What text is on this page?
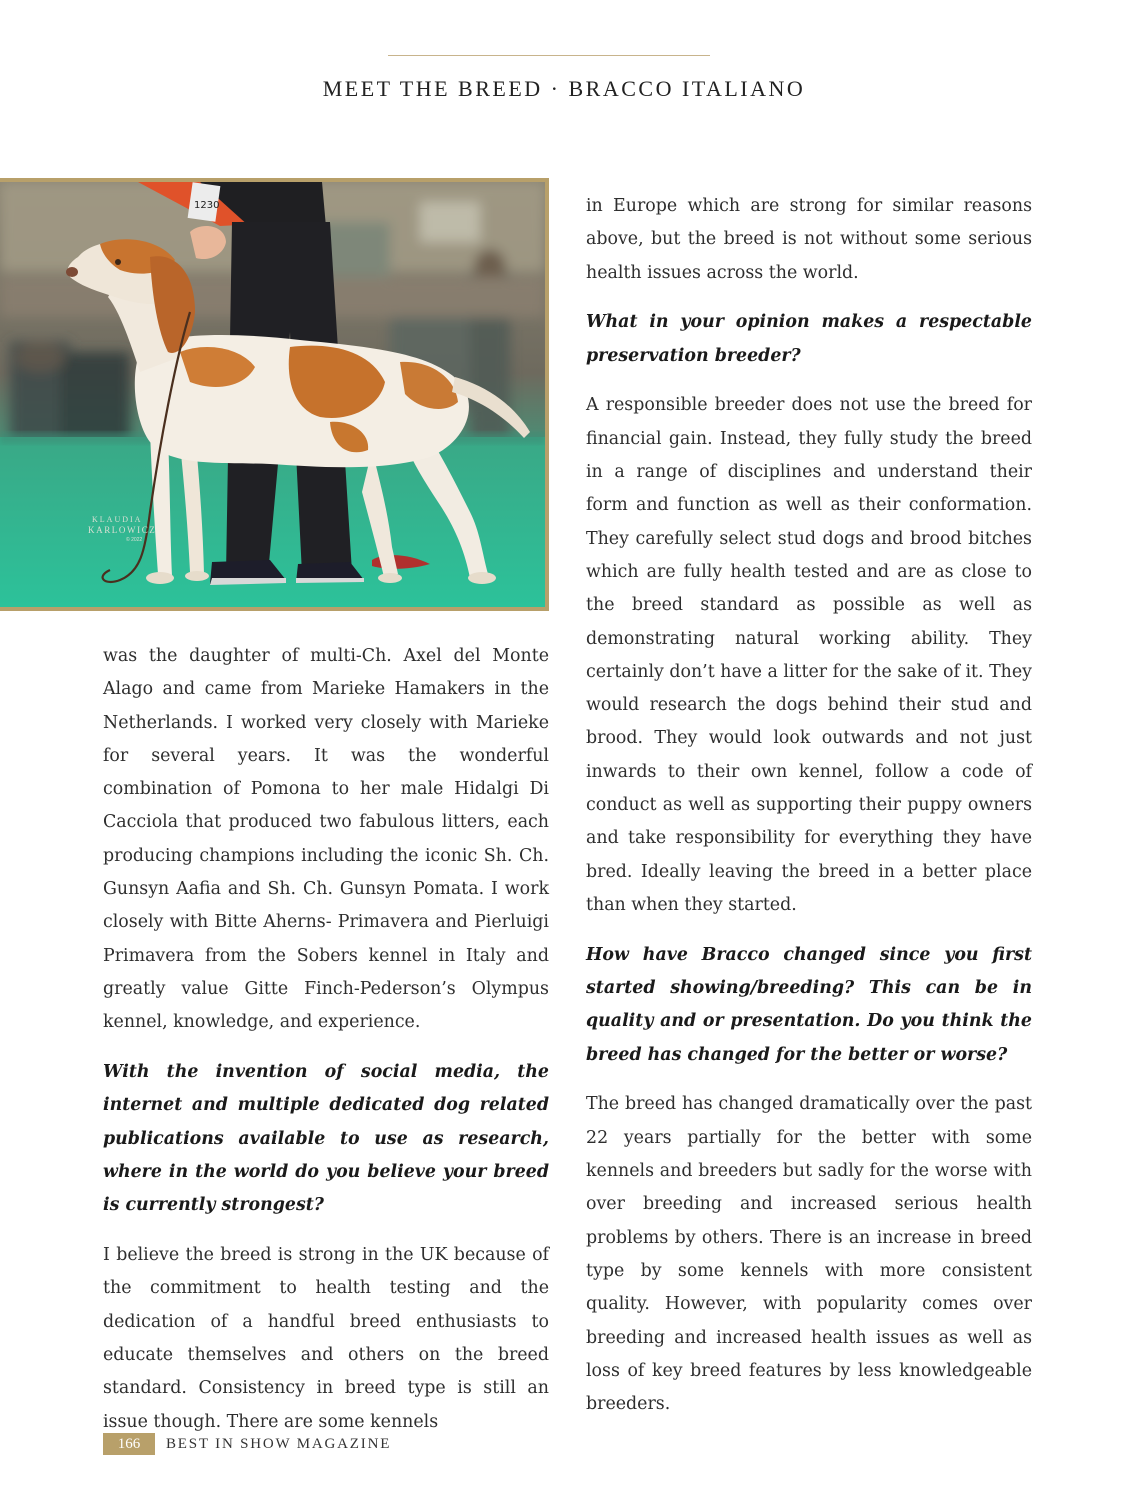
MEET THE BREED · BRACCO ITALIANO
1230
KLAUDIA
KARLOWICZ
© 2022

was the daughter of multi-Ch. Axel del Monte Alago and came from Marieke Hamakers in the Netherlands. I worked very closely with Marieke for several years. It was the wonderful combination of Pomona to her male Hidalgi Di Cacciola that produced two fabulous litters, each producing champions including the iconic Sh. Ch. Gunsyn Aafia and Sh. Ch. Gunsyn Pomata. I work closely with Bitte Aherns- Primavera and Pierluigi Primavera from the Sobers kennel in Italy and greatly value Gitte Finch-Pederson’s Olympus kennel, knowledge, and experience.

With the invention of social media, the internet and multiple dedicated dog related publications available to use as research, where in the world do you believe your breed is currently strongest?

I believe the breed is strong in the UK because of the commitment to health testing and the dedication of a handful breed enthusiasts to educate themselves and others on the breed standard. Consistency in breed type is still an issue though. There are some kennels

in Europe which are strong for similar reasons above, but the breed is not without some serious health issues across the world.

What in your opinion makes a respectable preservation breeder?

A responsible breeder does not use the breed for financial gain. Instead, they fully study the breed in a range of disciplines and understand their form and function as well as their conformation. They carefully select stud dogs and brood bitches which are fully health tested and are as close to the breed standard as possible as well as demonstrating natural working ability. They certainly don’t have a litter for the sake of it. They would research the dogs behind their stud and brood. They would look outwards and not just inwards to their own kennel, follow a code of conduct as well as supporting their puppy owners and take responsibility for everything they have bred. Ideally leaving the breed in a better place than when they started.

How have Bracco changed since you first started showing/breeding? This can be in quality and or presentation. Do you think the breed has changed for the better or worse?

The breed has changed dramatically over the past 22 years partially for the better with some kennels and breeders but sadly for the worse with over breeding and increased serious health problems by others. There is an increase in breed type by some kennels with more consistent quality. However, with popularity comes over breeding and increased health issues as well as loss of key breed features by less knowledgeable breeders.

166	BEST IN SHOW MAGAZINE
